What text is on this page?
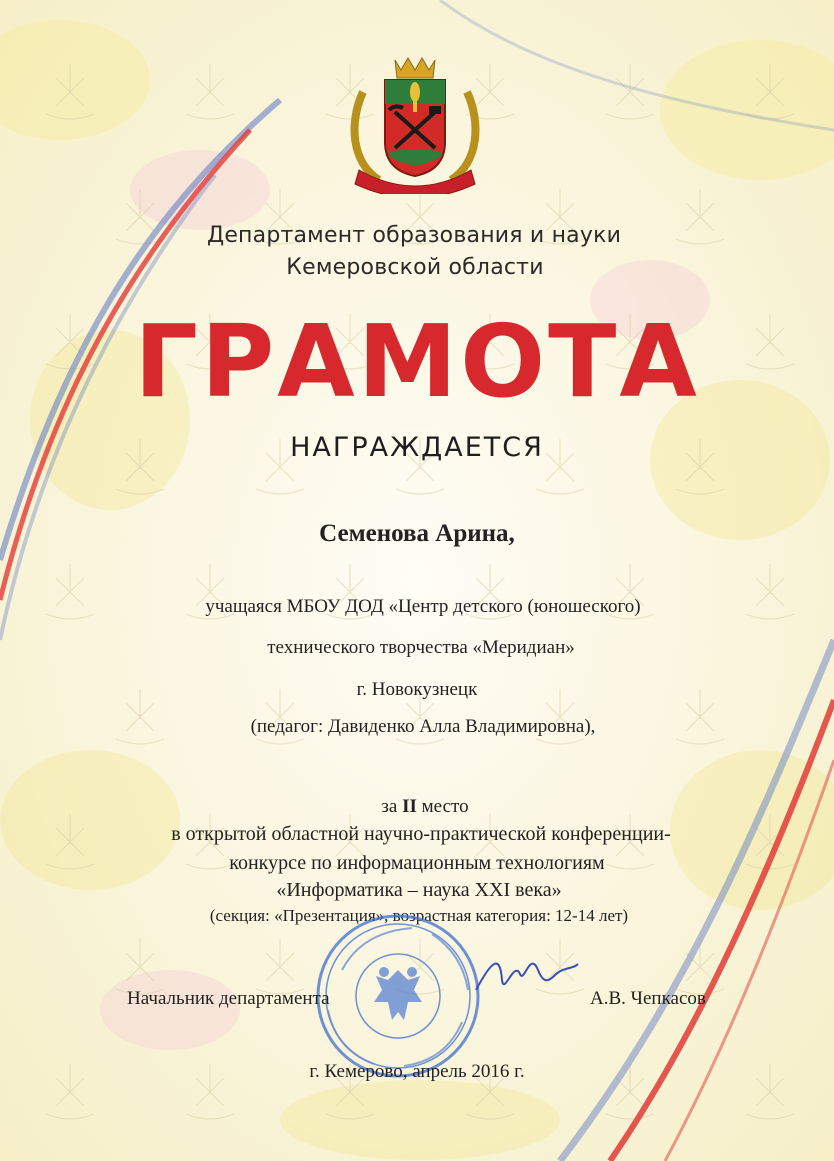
Департамент образования и науки
Кемеровской области
ГРАМОТА
НАГРАЖДАЕТСЯ
Семенова Арина,
учащаяся МБОУ ДОД «Центр детского (юношеского)
технического творчества «Меридиан»
г. Новокузнецк
(педагог: Давиденко Алла Владимировна),
за II место
в открытой областной научно-практической конференции-
конкурсе по информационным технологиям
«Информатика – наука XXI века»
(секция: «Презентация», возрастная категория: 12-14 лет)
Начальник департамента	А.В. Чепкасов
г. Кемерово, апрель 2016 г.
